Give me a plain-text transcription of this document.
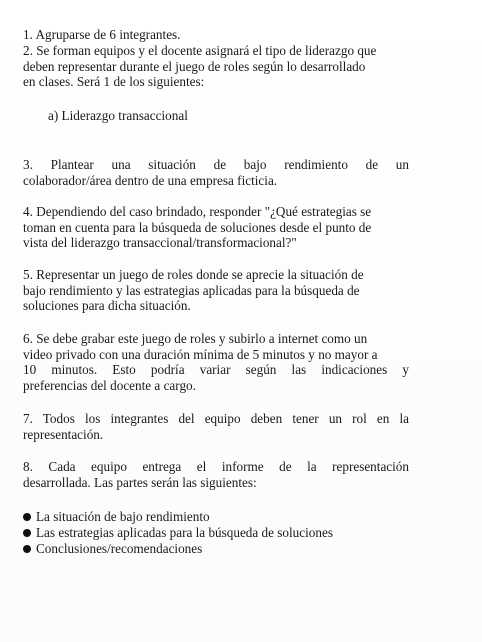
1. Agruparse de 6 integrantes.
2. Se forman equipos y el docente asignará el tipo de liderazgo que
deben representar durante el juego de roles según lo desarrollado
en clases. Será 1 de los siguientes:
a) Liderazgo transaccional
3. Plantear una situación de bajo rendimiento de un
colaborador/área dentro de una empresa ficticia.
4. Dependiendo del caso brindado, responder "¿Qué estrategias se
toman en cuenta para la búsqueda de soluciones desde el punto de
vista del liderazgo transaccional/transformacional?"
5. Representar un juego de roles donde se aprecie la situación de
bajo rendimiento y las estrategias aplicadas para la búsqueda de
soluciones para dicha situación.
6. Se debe grabar este juego de roles y subirlo a internet como un
video privado con una duración mínima de 5 minutos y no mayor a
10 minutos. Esto podría variar según las indicaciones y
preferencias del docente a cargo.
7. Todos los integrantes del equipo deben tener un rol en la
representación.
8. Cada equipo entrega el informe de la representación
desarrollada. Las partes serán las siguientes:
La situación de bajo rendimiento
Las estrategias aplicadas para la búsqueda de soluciones
Conclusiones/recomendaciones
